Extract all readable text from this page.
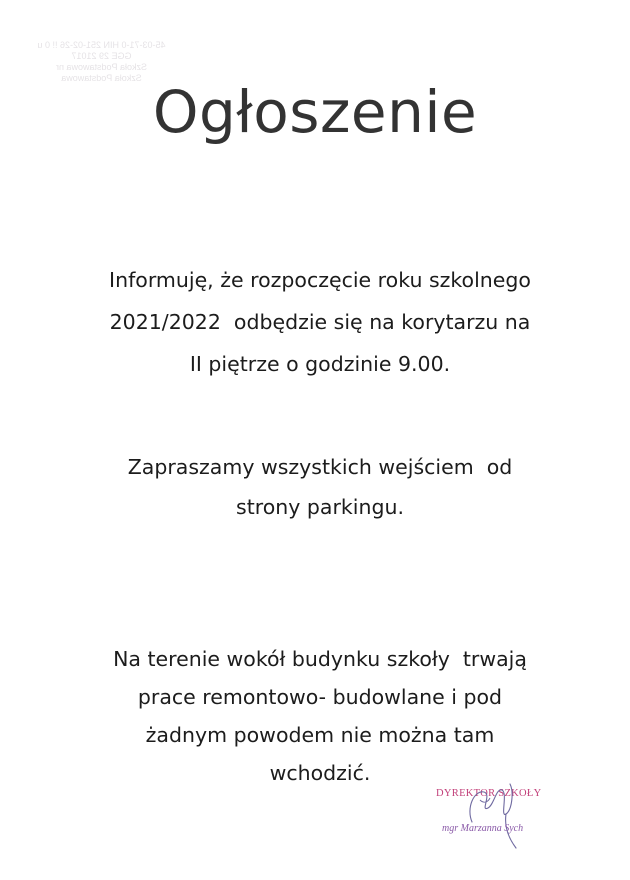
45-03-71-0 HIN 251-02-26 !! 0 u
GGE 29 21017
Szkoła Podstawowa nr
Szkoła Podstawowa Ogłoszenie
Informuję, że rozpoczęcie roku szkolnego
2021/2022  odbędzie się na korytarzu na
II piętrze o godzinie 9.00.
Zapraszamy wszystkich wejściem  od
strony parkingu.
Na terenie wokół budynku szkoły  trwają
prace remontowo- budowlane i pod
żadnym powodem nie można tam
wchodzić.
DYREKTOR SZKOŁY
mgr Marzanna Sych
